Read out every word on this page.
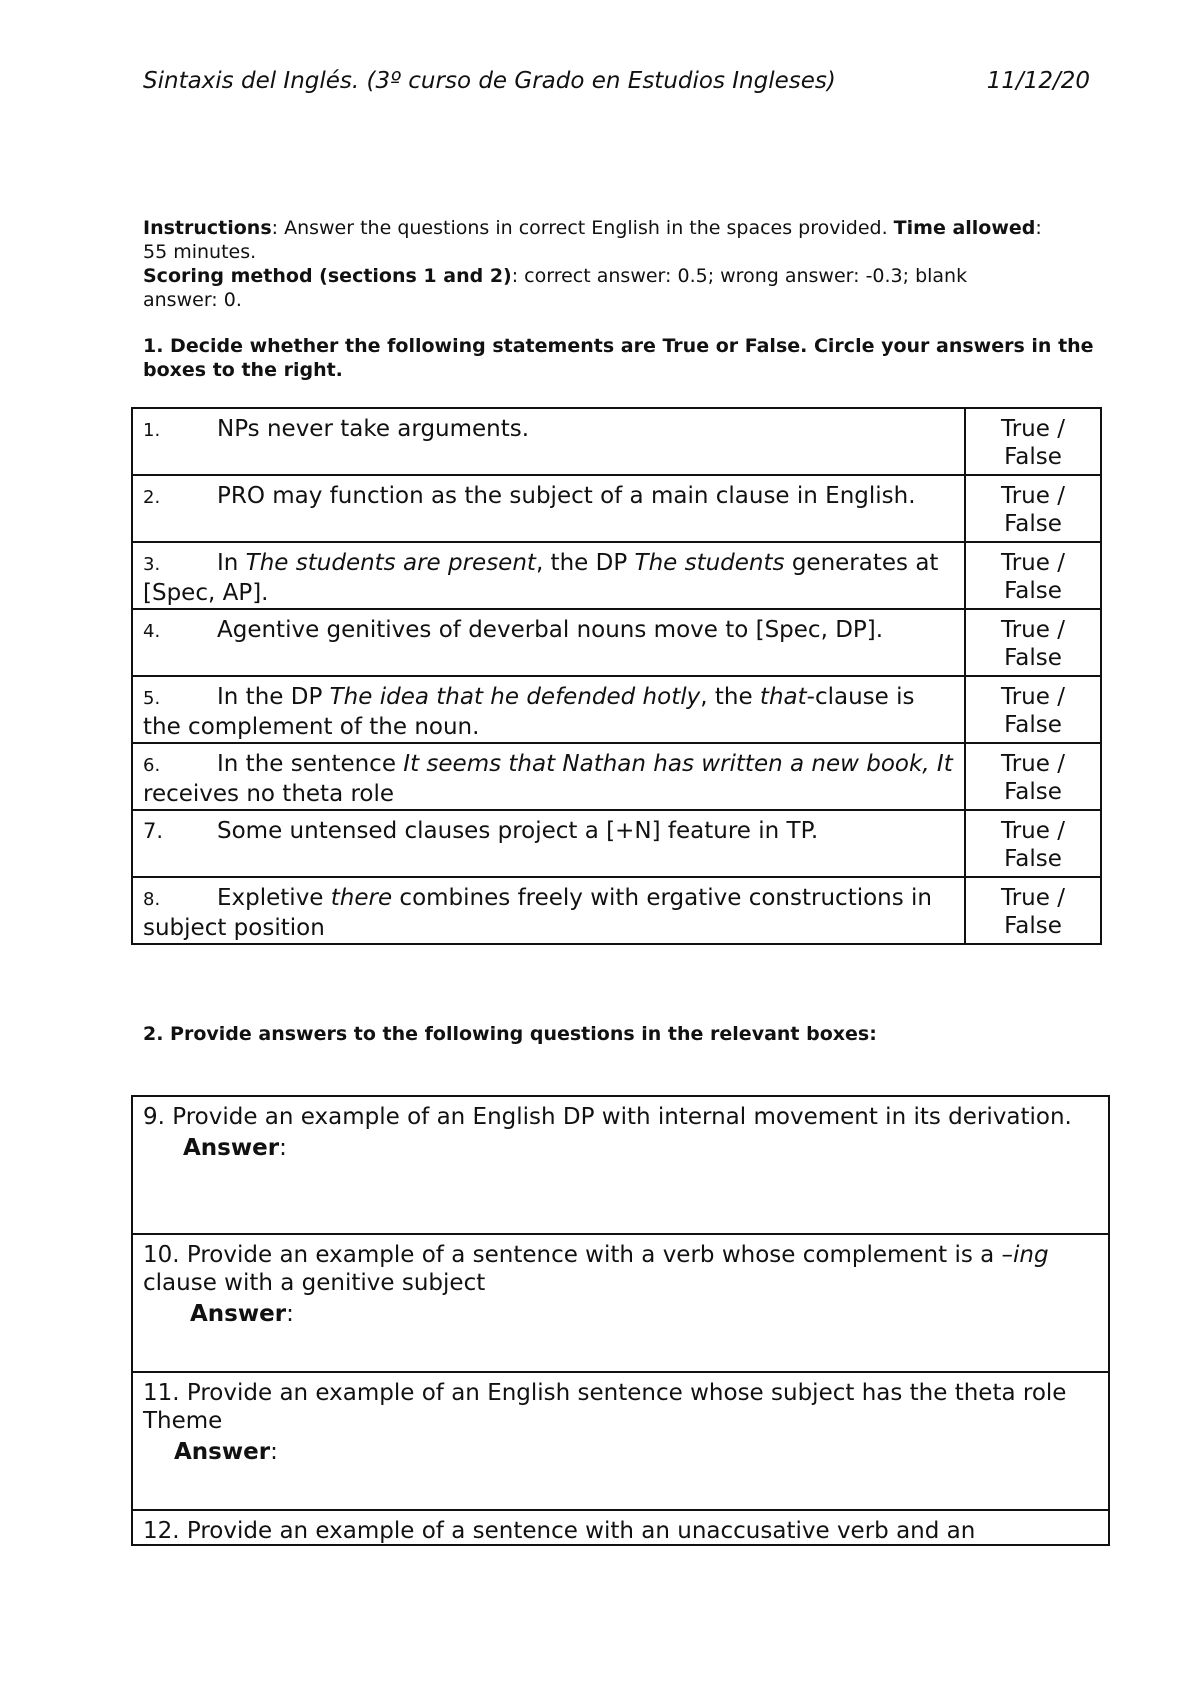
Sintaxis del Inglés. (3º curso de Grado en Estudios Ingleses)	11/12/20
Instructions: Answer the questions in correct English in the spaces provided. Time allowed: 55 minutes.
Scoring method (sections 1 and 2): correct answer: 0.5; wrong answer: -0.3; blank answer: 0.
1. Decide whether the following statements are True or False. Circle your answers in the boxes to the right.
1. NPs never take arguments.	True /
False

2. PRO may function as the subject of a main clause in English.	True /
False

3. In The students are present, the DP The students generates at [Spec, AP].	True /
False

4. Agentive genitives of deverbal nouns move to [Spec, DP].	True /
False

5. In the DP The idea that he defended hotly, the that-clause is the complement of the noun.	True /
False

6. In the sentence It seems that Nathan has written a new book, It receives no theta role	True /
False

7. Some untensed clauses project a [+N] feature in TP.	True /
False

8. Expletive there combines freely with ergative constructions in subject position	True /
False
2. Provide answers to the following questions in the relevant boxes:
9. Provide an example of an English DP with internal movement in its derivation.
Answer:
10. Provide an example of a sentence with a verb whose complement is a –ing clause with a genitive subject
Answer:
11. Provide an example of an English sentence whose subject has the theta role Theme
Answer:
12. Provide an example of a sentence with an unaccusative verb and an
